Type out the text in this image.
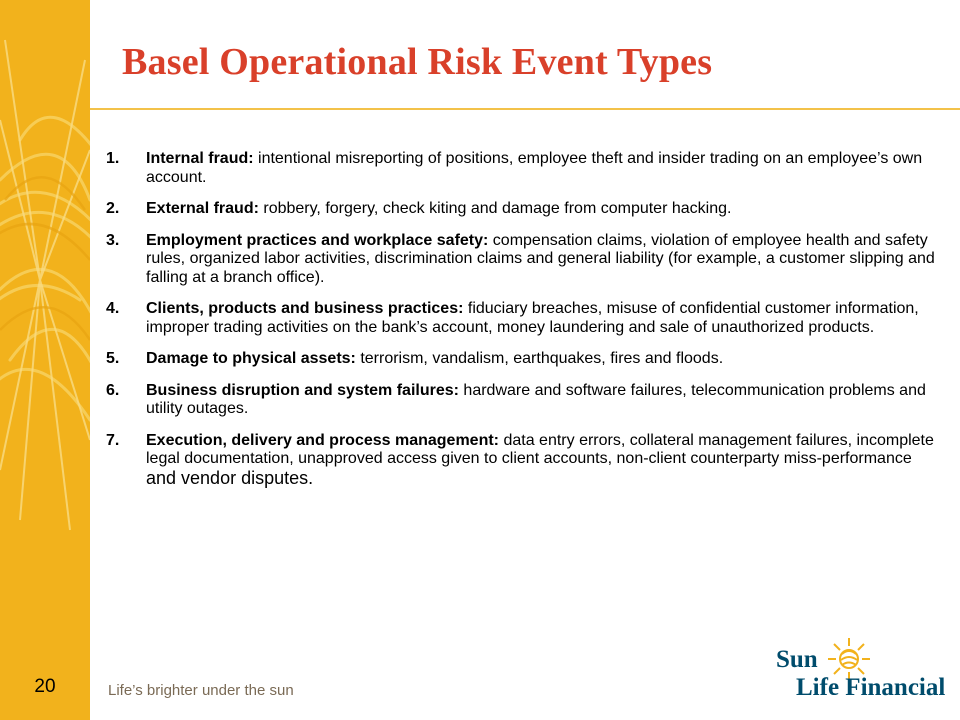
20
Basel Operational Risk Event Types
1.	Internal fraud: intentional misreporting of positions, employee theft and insider trading on an employee’s own account.
2.	External fraud: robbery, forgery, check kiting and damage from computer hacking.
3.	Employment practices and workplace safety: compensation claims, violation of employee health and safety rules, organized labor activities, discrimination claims and general liability (for example, a customer slipping and falling at a branch office).
4.	Clients, products and business practices: fiduciary breaches, misuse of confidential customer information, improper trading activities on the bank’s account, money laundering and sale of unauthorized products.
5.	Damage to physical assets: terrorism, vandalism, earthquakes, fires and floods.
6.	Business disruption and system failures: hardware and software failures, telecommunication problems and utility outages.
7.	Execution, delivery and process management: data entry errors, collateral management failures, incomplete legal documentation, unapproved access given to client accounts, non-client counterparty miss-performance and vendor disputes.
Life’s brighter under the sun
Sun
Life Financial
